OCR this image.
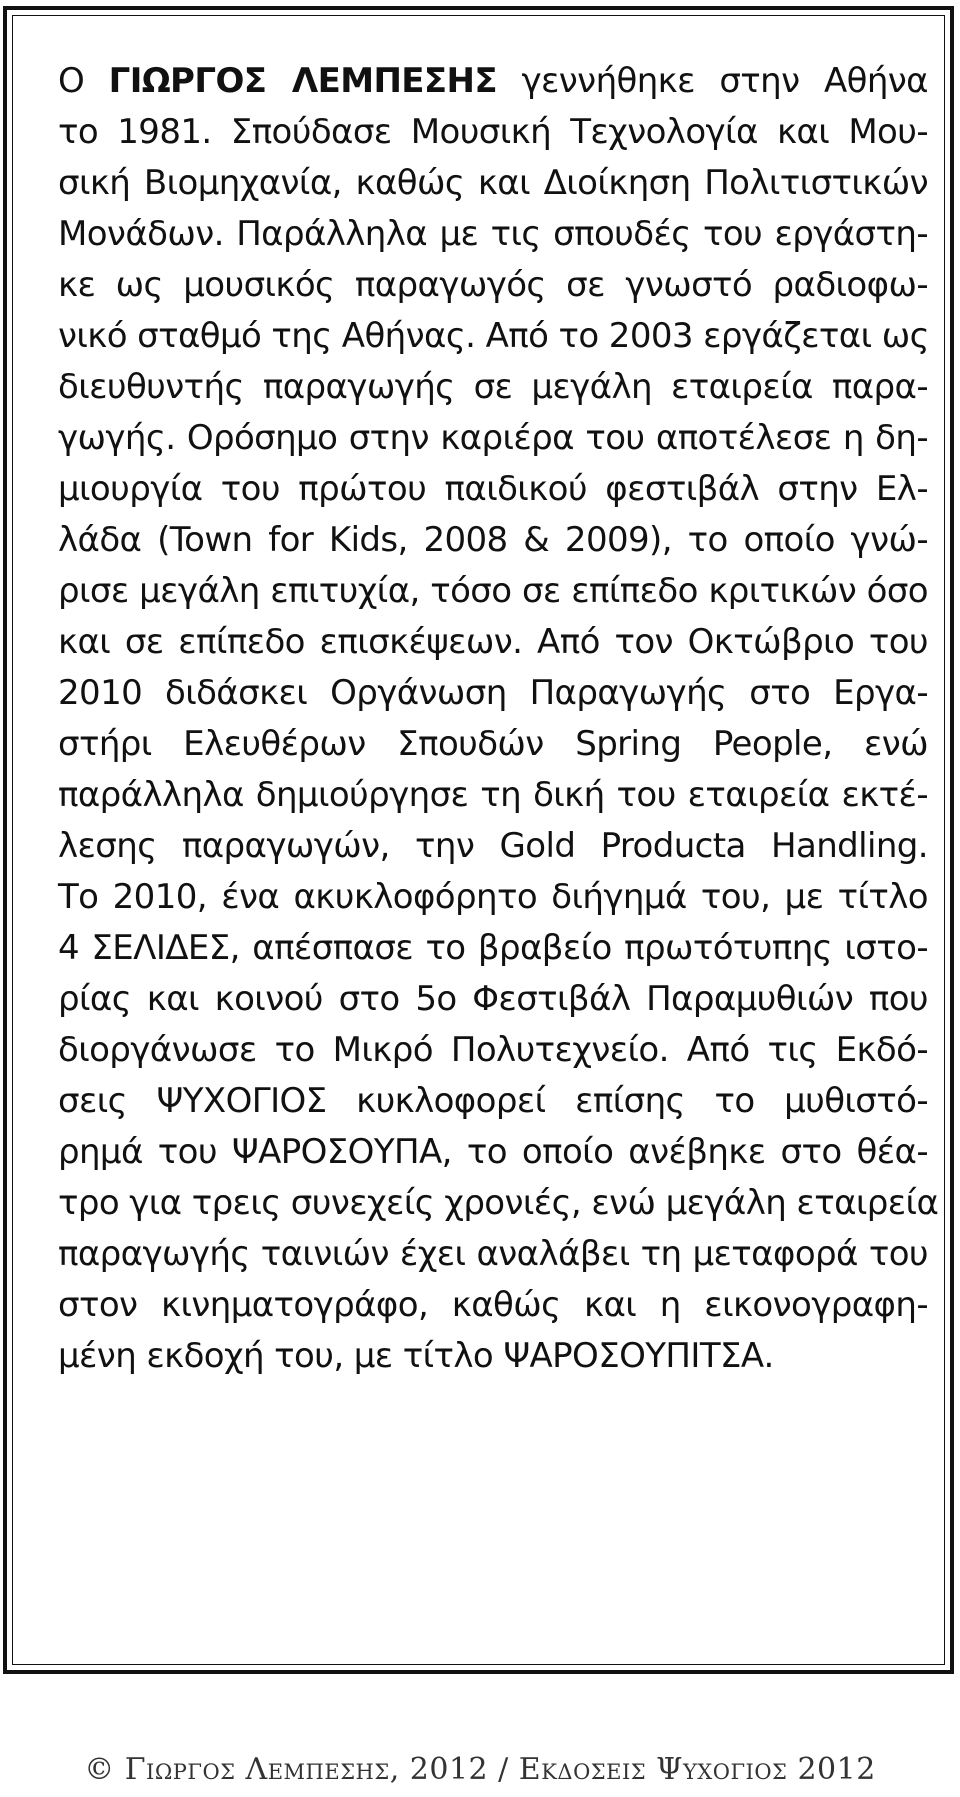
Ο ΓΙΩΡΓΟΣ ΛΕΜΠΕΣΗΣ γεννήθηκε στην Αθήνα
το 1981. Σπούδασε Μουσική Τεχνολογία και Μου-
σική Βιομηχανία, καθώς και Διοίκηση Πολιτιστικών
Μονάδων. Παράλληλα με τις σπουδές του εργάστη-
κε ως μουσικός παραγωγός σε γνωστό ραδιοφω-
νικό σταθμό της Αθήνας. Από το 2003 εργάζεται ως
διευθυντής παραγωγής σε μεγάλη εταιρεία παρα-
γωγής. Ορόσημο στην καριέρα του αποτέλεσε η δη-
μιουργία του πρώτου παιδικού φεστιβάλ στην Ελ-
λάδα (Town for Kids, 2008 & 2009), το οποίο γνώ-
ρισε μεγάλη επιτυχία, τόσο σε επίπεδο κριτικών όσο
και σε επίπεδο επισκέψεων. Από τον Οκτώβριο του
2010 διδάσκει Οργάνωση Παραγωγής στο Εργα-
στήρι Ελευθέρων Σπουδών Spring People, ενώ
παράλληλα δημιούργησε τη δική του εταιρεία εκτέ-
λεσης παραγωγών, την Gold Producta Handling.
Το 2010, ένα ακυκλοφόρητο διήγημά του, με τίτλο
4 ΣΕΛΙΔΕΣ, απέσπασε το βραβείο πρωτότυπης ιστο-
ρίας και κοινού στο 5ο Φεστιβάλ Παραμυθιών που
διοργάνωσε το Μικρό Πολυτεχνείο. Από τις Εκδό-
σεις ΨΥΧΟΓΙΟΣ κυκλοφορεί επίσης το μυθιστό-
ρημά του ΨΑΡΟΣΟΥΠΑ, το οποίο ανέβηκε στο θέα-
τρο για τρεις συνεχείς χρονιές, ενώ μεγάλη εταιρεία
παραγωγής ταινιών έχει αναλάβει τη μεταφορά του
στον κινηματογράφο, καθώς και η εικονογραφη-
μένη εκδοχή του, με τίτλο ΨΑΡΟΣΟΥΠΙΤΣΑ.
© Γιωργος Λεμπεσης, 2012 / Εκδοσεις Ψυχογιος 2012
